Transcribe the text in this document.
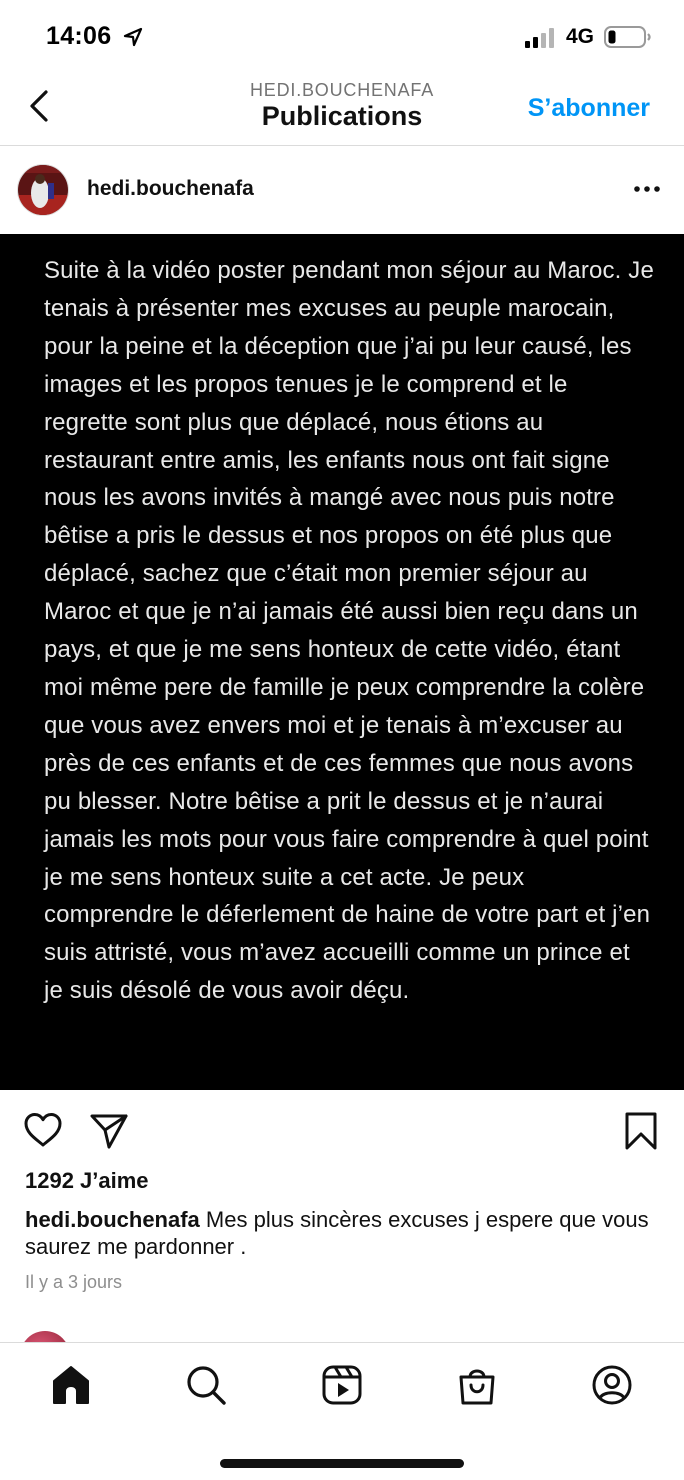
14:06	4G
HEDI.BOUCHENAFA
Publications	S’abonner
hedi.bouchenafa
Suite à la vidéo poster pendant mon séjour au Maroc. Je tenais à présenter mes excuses au peuple marocain, pour la peine et la déception que j’ai pu leur causé, les images et les propos tenues je le comprend et le regrette sont plus que déplacé, nous étions au restaurant entre amis, les enfants nous ont fait signe nous les avons invités à mangé avec nous puis notre bêtise a pris le dessus et nos propos on été plus que déplacé, sachez que c’était mon premier séjour au Maroc et que je n’ai jamais été aussi bien reçu dans un pays, et que je me sens honteux de cette vidéo, étant moi même pere de famille je peux comprendre la colère que vous avez envers moi et je tenais à m’excuser au près de ces enfants et de ces femmes que nous avons pu blesser. Notre bêtise a prit le dessus et je n’aurai jamais les mots pour vous faire comprendre à quel point je me sens honteux suite a cet acte. Je peux comprendre le déferlement de haine de votre part et j’en suis attristé, vous m’avez accueilli comme un prince et je suis désolé de vous avoir déçu.
1292 J’aime
hedi.bouchenafa Mes plus sincères excuses j espere que vous saurez me pardonner .
Il y a 3 jours
